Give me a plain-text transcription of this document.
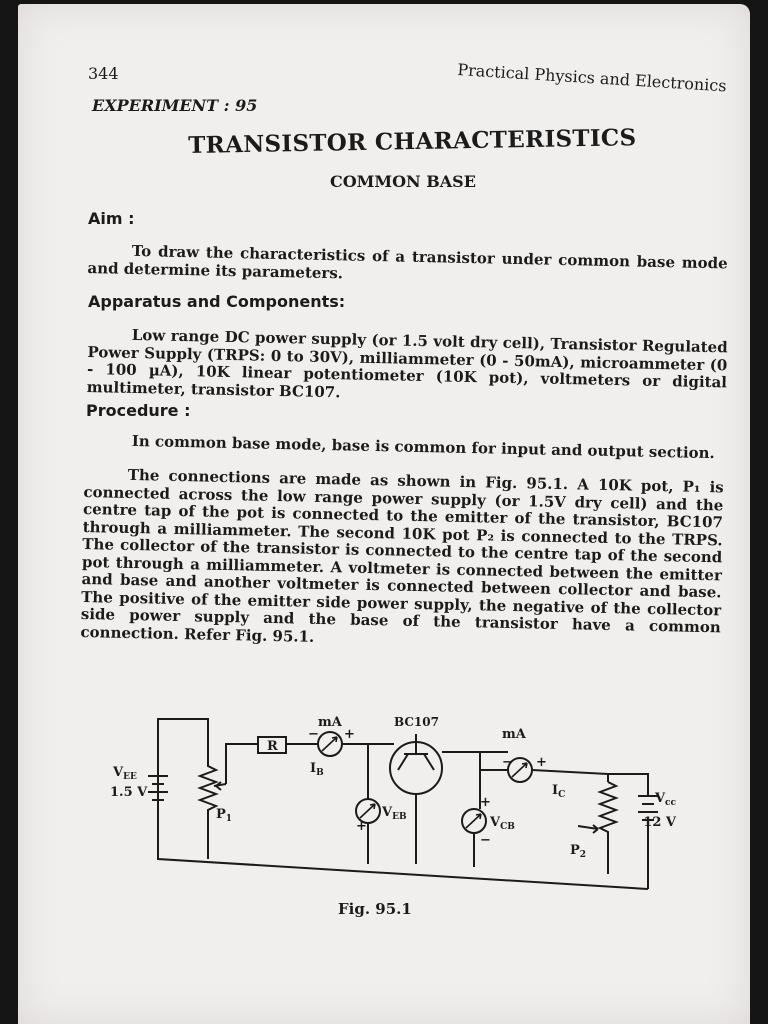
344	Practical Physics and Electronics
EXPERIMENT : 95
TRANSISTOR CHARACTERISTICS
COMMON BASE
Aim :
To draw the characteristics of a transistor under common base mode and determine its parameters.
Apparatus and Components:
Low range DC power supply (or 1.5 volt dry cell), Transistor Regulated Power Supply (TRPS: 0 to 30V), milliammeter (0 - 50mA), microammeter (0 - 100 µA), 10K linear potentiometer (10K pot), voltmeters or digital multimeter, transistor BC107.
Procedure :
In common base mode, base is common for input and output section.
The connections are made as shown in Fig. 95.1. A 10K pot, P₁ is connected across the low range power supply (or 1.5V dry cell) and the centre tap of the pot is connected to the emitter of the transistor, BC107 through a milliammeter. The second 10K pot P₂ is connected to the TRPS. The collector of the transistor is connected to the centre tap of the second pot through a milliammeter. A voltmeter is connected between the emitter and base and another voltmeter is connected between collector and base. The positive of the emitter side power supply, the negative of the collector side power supply and the base of the transistor have a common connection. Refer Fig. 95.1.
$V_{EE}$
1.5 V
$P_1$
R
mA
$I_B$
BC107
mA
$I_C$
$V_{EB}$	$V_{CB}$
$P_2$
$V_{cc}$
12 V
+
−
+
+
−
− +
Fig. 95.1
